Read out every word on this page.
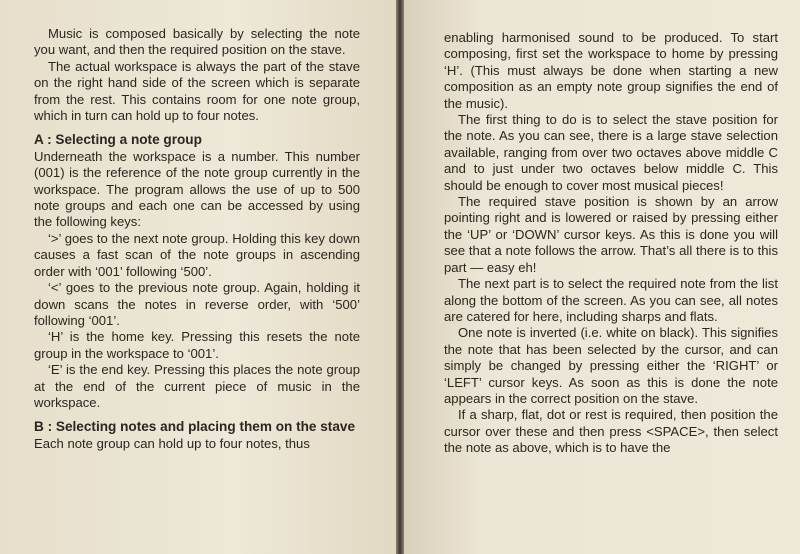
Music is composed basically by selecting the note you want, and then the required position on the stave.

The actual workspace is always the part of the stave on the right hand side of the screen which is separate from the rest. This contains room for one note group, which in turn can hold up to four notes.

A : Selecting a note group

Underneath the workspace is a number. This number (001) is the reference of the note group currently in the workspace. The program allows the use of up to 500 note groups and each one can be accessed by using the following keys:

‘>’ goes to the next note group. Holding this key down causes a fast scan of the note groups in ascending order with ‘001’ following ‘500’.

‘<’ goes to the previous note group. Again, holding it down scans the notes in reverse order, with ‘500’ following ‘001’.

‘H’ is the home key. Pressing this resets the note group in the workspace to ‘001’.

‘E’ is the end key. Pressing this places the note group at the end of the current piece of music in the workspace.

B : Selecting notes and placing them on the stave

Each note group can hold up to four notes, thus

enabling harmonised sound to be produced. To start composing, first set the workspace to home by pressing ‘H’. (This must always be done when starting a new composition as an empty note group signifies the end of the music).

The first thing to do is to select the stave position for the note. As you can see, there is a large stave selection available, ranging from over two octaves above middle C and to just under two octaves below middle C. This should be enough to cover most musical pieces!

The required stave position is shown by an arrow pointing right and is lowered or raised by pressing either the ‘UP’ or ‘DOWN’ cursor keys. As this is done you will see that a note follows the arrow. That’s all there is to this part — easy eh!

The next part is to select the required note from the list along the bottom of the screen. As you can see, all notes are catered for here, including sharps and flats.

One note is inverted (i.e. white on black). This signifies the note that has been selected by the cursor, and can simply be changed by pressing either the ‘RIGHT’ or ‘LEFT’ cursor keys. As soon as this is done the note appears in the correct position on the stave.

If a sharp, flat, dot or rest is required, then position the cursor over these and then press <SPACE>, then select the note as above, which is to have the
